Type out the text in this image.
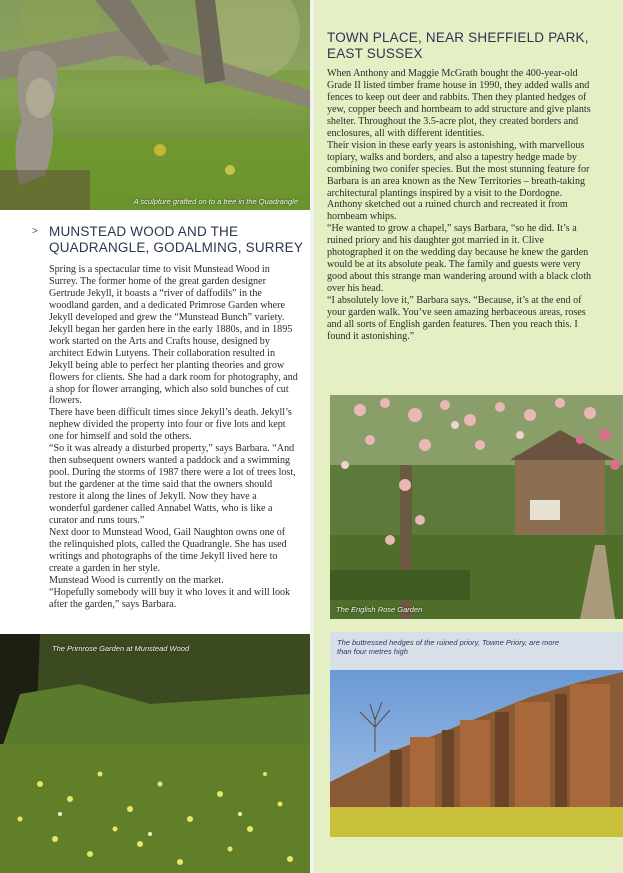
A sculpture grafted on to a tree in the Quadrangle
> MUNSTEAD WOOD AND THE
QUADRANGLE, GODALMING, SURREY

Spring is a spectacular time to visit Munstead Wood in Surrey. The former home of the great garden designer Gertrude Jekyll, it boasts a “river of daffodils” in the woodland garden, and a dedicated Primrose Garden where Jekyll developed and grew the “Munstead Bunch” variety. Jekyll began her garden here in the early 1880s, and in 1895 work started on the Arts and Crafts house, designed by architect Edwin Lutyens. Their collaboration resulted in Jekyll being able to perfect her planting theories and grow flowers for clients. She had a dark room for photography, and a shop for flower arranging, which also sold bunches of cut flowers.

There have been difficult times since Jekyll’s death. Jekyll’s nephew divided the property into four or five lots and kept one for himself and sold the others.

“So it was already a disturbed property,” says Barbara. “And then subsequent owners wanted a paddock and a swimming pool. During the storms of 1987 there were a lot of trees lost, but the gardener at the time said that the owners should restore it along the lines of Jekyll. Now they have a wonderful gardener called Annabel Watts, who is like a curator and runs tours.”

Next door to Munstead Wood, Gail Naughton owns one of the relinquished plots, called the Quadrangle. She has used writings and photographs of the time Jekyll lived here to create a garden in her style.

Munstead Wood is currently on the market.

“Hopefully somebody will buy it who loves it and will look after the garden,” says Barbara.

The Primrose Garden at Munstead Wood
TOWN PLACE, NEAR SHEFFIELD PARK,
EAST SUSSEX

When Anthony and Maggie McGrath bought the 400-year-old Grade II listed timber frame house in 1990, they added walls and fences to keep out deer and rabbits. Then they planted hedges of yew, copper beech and hornbeam to add structure and give plants shelter. Throughout the 3.5-acre plot, they created borders and enclosures, all with different identities.

Their vision in these early years is astonishing, with marvellous topiary, walks and borders, and also a tapestry hedge made by combining two conifer species. But the most stunning feature for Barbara is an area known as the New Territories – breath-taking architectural plantings inspired by a visit to the Dordogne. Anthony sketched out a ruined church and recreated it from hornbeam whips.

“He wanted to grow a chapel,” says Barbara, “so he did. It’s a ruined priory and his daughter got married in it. Clive photographed it on the wedding day because he knew the garden would be at its absolute peak. The family and guests were very good about this strange man wandering around with a black cloth over his head.

“I absolutely love it,” Barbara says. “Because, it’s at the end of your garden walk. You’ve seen amazing herbaceous areas, roses and all sorts of English garden features. Then you reach this. I found it astonishing.”

The English Rose Garden
The buttressed hedges of the ruined priory, Towne Priory, are more than four metres high
